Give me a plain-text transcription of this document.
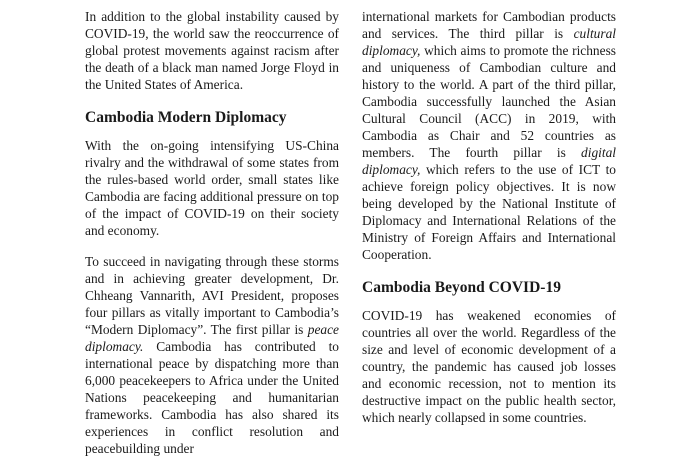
In addition to the global instability caused by COVID-19, the world saw the reoccurrence of global protest movements against racism after the death of a black man named Jorge Floyd in the United States of America.

Cambodia Modern Diplomacy

With the on-going intensifying US-China rivalry and the withdrawal of some states from the rules-based world order, small states like Cambodia are facing additional pressure on top of the impact of COVID-19 on their society and economy.

To succeed in navigating through these storms and in achieving greater development, Dr. Chheang Vannarith, AVI President, proposes four pillars as vitally important to Cambodia’s “Modern Diplomacy”. The first pillar is peace diplomacy. Cambodia has contributed to international peace by dispatching more than 6,000 peacekeepers to Africa under the United Nations peacekeeping and humanitarian frameworks. Cambodia has also shared its experiences in conflict resolution and peacebuilding under

international markets for Cambodian products and services. The third pillar is cultural diplomacy, which aims to promote the richness and uniqueness of Cambodian culture and history to the world. A part of the third pillar, Cambodia successfully launched the Asian Cultural Council (ACC) in 2019, with Cambodia as Chair and 52 countries as members. The fourth pillar is digital diplomacy, which refers to the use of ICT to achieve foreign policy objectives. It is now being developed by the National Institute of Diplomacy and International Relations of the Ministry of Foreign Affairs and International Cooperation.

Cambodia Beyond COVID-19

COVID-19 has weakened economies of countries all over the world. Regardless of the size and level of economic development of a country, the pandemic has caused job losses and economic recession, not to mention its destructive impact on the public health sector, which nearly collapsed in some countries.
